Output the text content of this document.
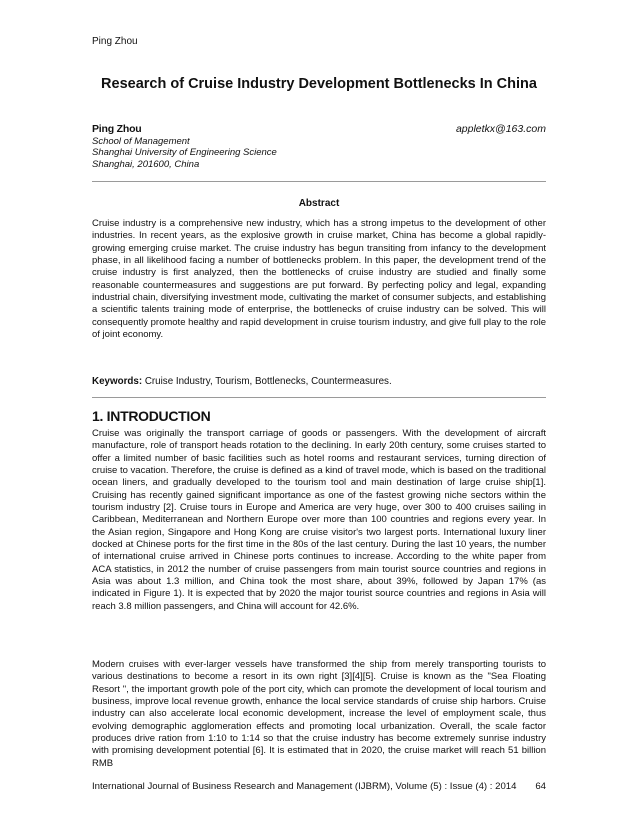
Ping Zhou
Research of Cruise Industry Development Bottlenecks In China
Ping Zhou	appletkx@163.com
School of Management
Shanghai University of Engineering Science
Shanghai, 201600, China
Abstract
Cruise industry is a comprehensive new industry, which has a strong impetus to the development of other industries. In recent years, as the explosive growth in cruise market, China has become a global rapidly-growing emerging cruise market. The cruise industry has begun transiting from infancy to the development phase, in all likelihood facing a number of bottlenecks problem. In this paper, the development trend of the cruise industry is first analyzed, then the bottlenecks of cruise industry are studied and finally some reasonable countermeasures and suggestions are put forward. By perfecting policy and legal, expanding industrial chain, diversifying investment mode, cultivating the market of consumer subjects, and establishing a scientific talents training mode of enterprise, the bottlenecks of cruise industry can be solved. This will consequently promote healthy and rapid development in cruise tourism industry, and give full play to the role of joint economy.
Keywords: Cruise Industry, Tourism, Bottlenecks, Countermeasures.
1. INTRODUCTION
Cruise was originally the transport carriage of goods or passengers. With the development of aircraft manufacture, role of transport heads rotation to the declining. In early 20th century, some cruises started to offer a limited number of basic facilities such as hotel rooms and restaurant services, turning direction of cruise to vacation. Therefore, the cruise is defined as a kind of travel mode, which is based on the traditional ocean liners, and gradually developed to the tourism tool and main destination of large cruise ship[1]. Cruising has recently gained significant importance as one of the fastest growing niche sectors within the tourism industry [2]. Cruise tours in Europe and America are very huge, over 300 to 400 cruises sailing in Caribbean, Mediterranean and Northern Europe over more than 100 countries and regions every year. In the Asian region, Singapore and Hong Kong are cruise visitor's two largest ports. International luxury liner docked at Chinese ports for the first time in the 80s of the last century. During the last 10 years, the number of international cruise arrived in Chinese ports continues to increase. According to the white paper from ACA statistics, in 2012 the number of cruise passengers from main tourist source countries and regions in Asia was about 1.3 million, and China took the most share, about 39%, followed by Japan 17% (as indicated in Figure 1). It is expected that by 2020 the major tourist source countries and regions in Asia will reach 3.8 million passengers, and China will account for 42.6%.
Modern cruises with ever-larger vessels have transformed the ship from merely transporting tourists to various destinations to become a resort in its own right [3][4][5]. Cruise is known as the "Sea Floating Resort ", the important growth pole of the port city, which can promote the development of local tourism and business, improve local revenue growth, enhance the local service standards of cruise ship harbors. Cruise industry can also accelerate local economic development, increase the level of employment scale, thus evolving demographic agglomeration effects and promoting local urbanization. Overall, the scale factor produces drive ration from 1:10 to 1:14 so that the cruise industry has become extremely sunrise industry with promising development potential [6]. It is estimated that in 2020, the cruise market will reach 51 billion RMB
International Journal of Business Research and Management (IJBRM), Volume (5) : Issue (4) : 2014 64
